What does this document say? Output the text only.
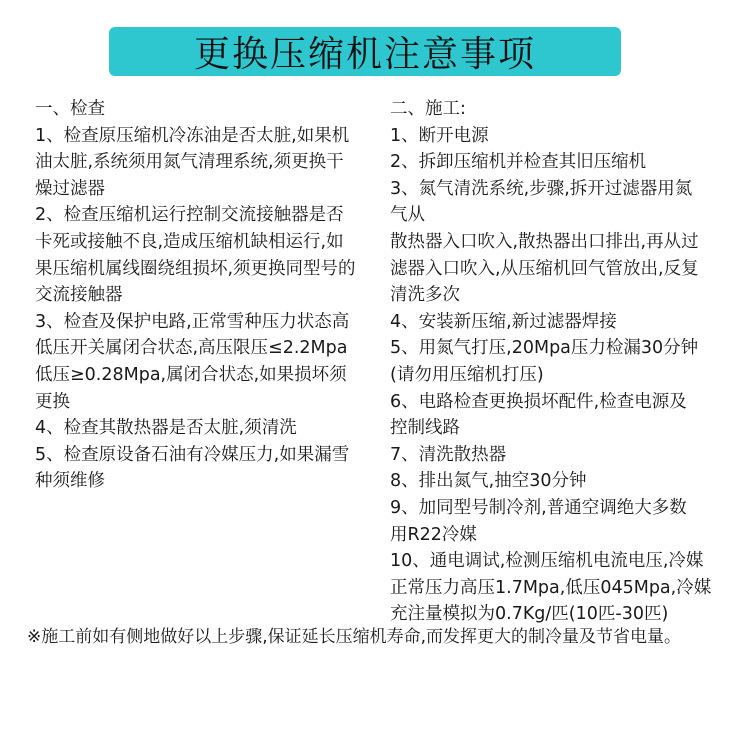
更换压缩机注意事项
一、检查
1、检查原压缩机冷冻油是否太脏,如果机
油太脏,系统须用氮气清理系统,须更换干
燥过滤器
2、检查压缩机运行控制交流接触器是否
卡死或接触不良,造成压缩机缺相运行,如
果压缩机属线圈绕组损坏,须更换同型号的
交流接触器
3、检查及保护电路,正常雪种压力状态高
低压开关属闭合状态,高压限压≤2.2Mpa
低压≥0.28Mpa,属闭合状态,如果损坏须
更换
4、检查其散热器是否太脏,须清洗
5、检查原设备石油有冷媒压力,如果漏雪
种须维修
二、施工:
1、断开电源
2、拆卸压缩机并检查其旧压缩机
3、氮气清洗系统,步骤,拆开过滤器用氮
气从
散热器入口吹入,散热器出口排出,再从过
滤器入口吹入,从压缩机回气管放出,反复
清洗多次
4、安装新压缩,新过滤器焊接
5、用氮气打压,20Mpa压力检漏30分钟
(请勿用压缩机打压)
6、电路检查更换损坏配件,检查电源及
控制线路
7、清洗散热器
8、排出氮气,抽空30分钟
9、加同型号制冷剂,普通空调绝大多数
用R22冷媒
10、通电调试,检测压缩机电流电压,冷媒
正常压力高压1.7Mpa,低压045Mpa,冷媒
充注量模拟为0.7Kg/匹(10匹-30匹)
※施工前如有侧地做好以上步骤,保证延长压缩机寿命,而发挥更大的制冷量及节省电量。
